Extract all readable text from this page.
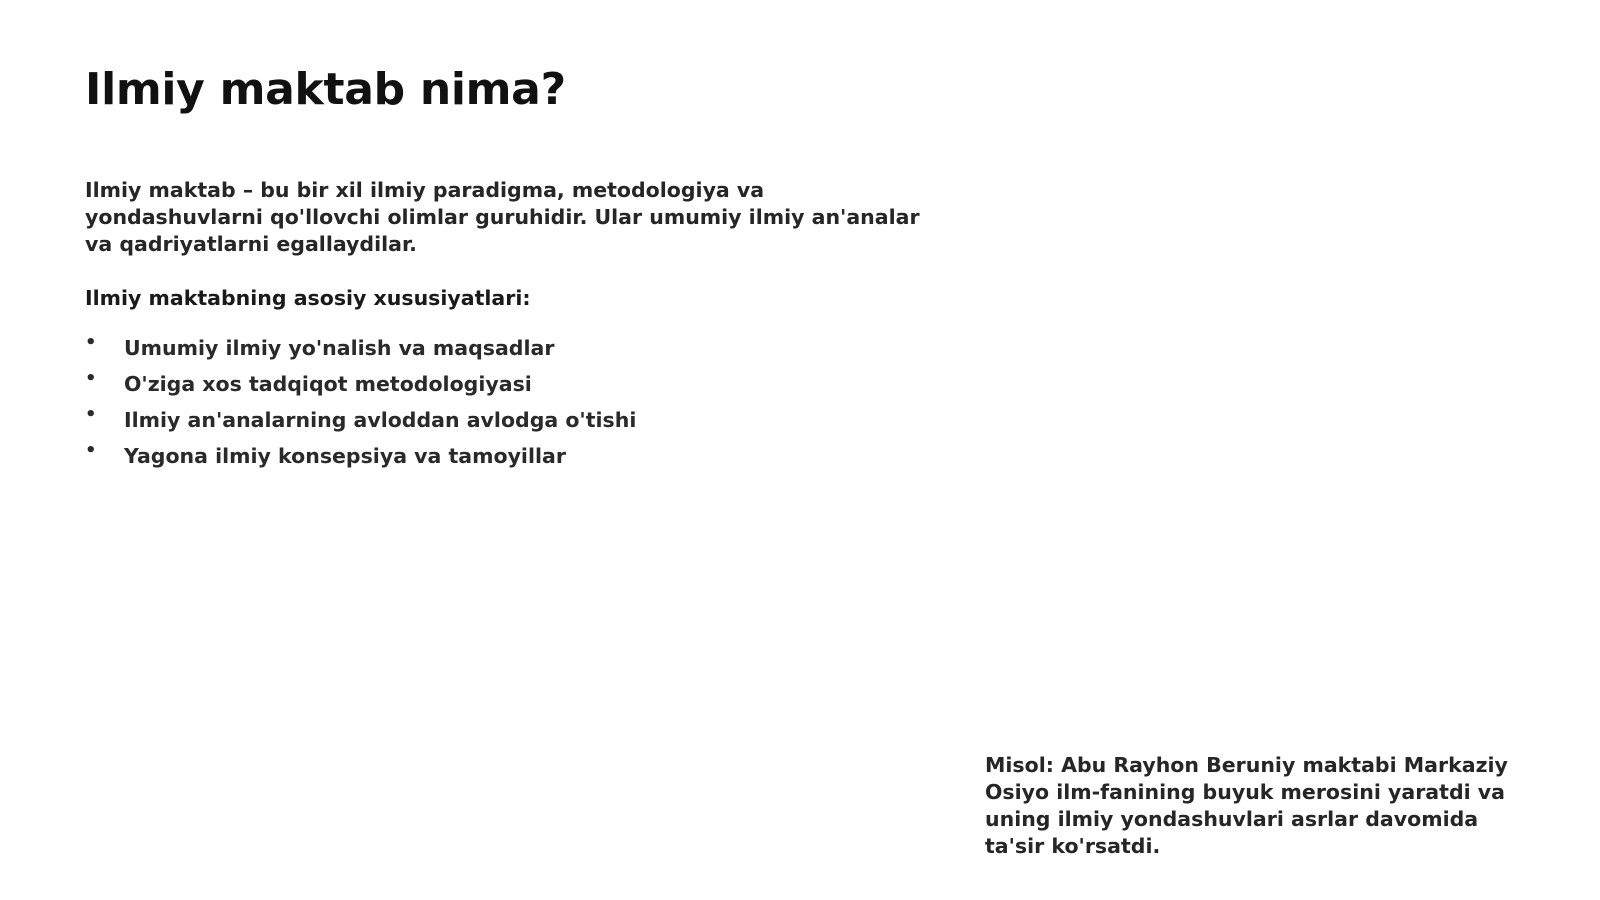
Ilmiy maktab nima?

Ilmiy maktab – bu bir xil ilmiy paradigma, metodologiya va yondashuvlarni qo'llovchi olimlar guruhidir. Ular umumiy ilmiy an'analar va qadriyatlarni egallaydilar.

Ilmiy maktabning asosiy xususiyatlari:

• Umumiy ilmiy yo'nalish va maqsadlar
• O'ziga xos tadqiqot metodologiyasi
• Ilmiy an'analarning avloddan avlodga o'tishi
• Yagona ilmiy konsepsiya va tamoyillar

Misol: Abu Rayhon Beruniy maktabi Markaziy Osiyo ilm-fanining buyuk merosini yaratdi va uning ilmiy yondashuvlari asrlar davomida ta'sir ko'rsatdi.
